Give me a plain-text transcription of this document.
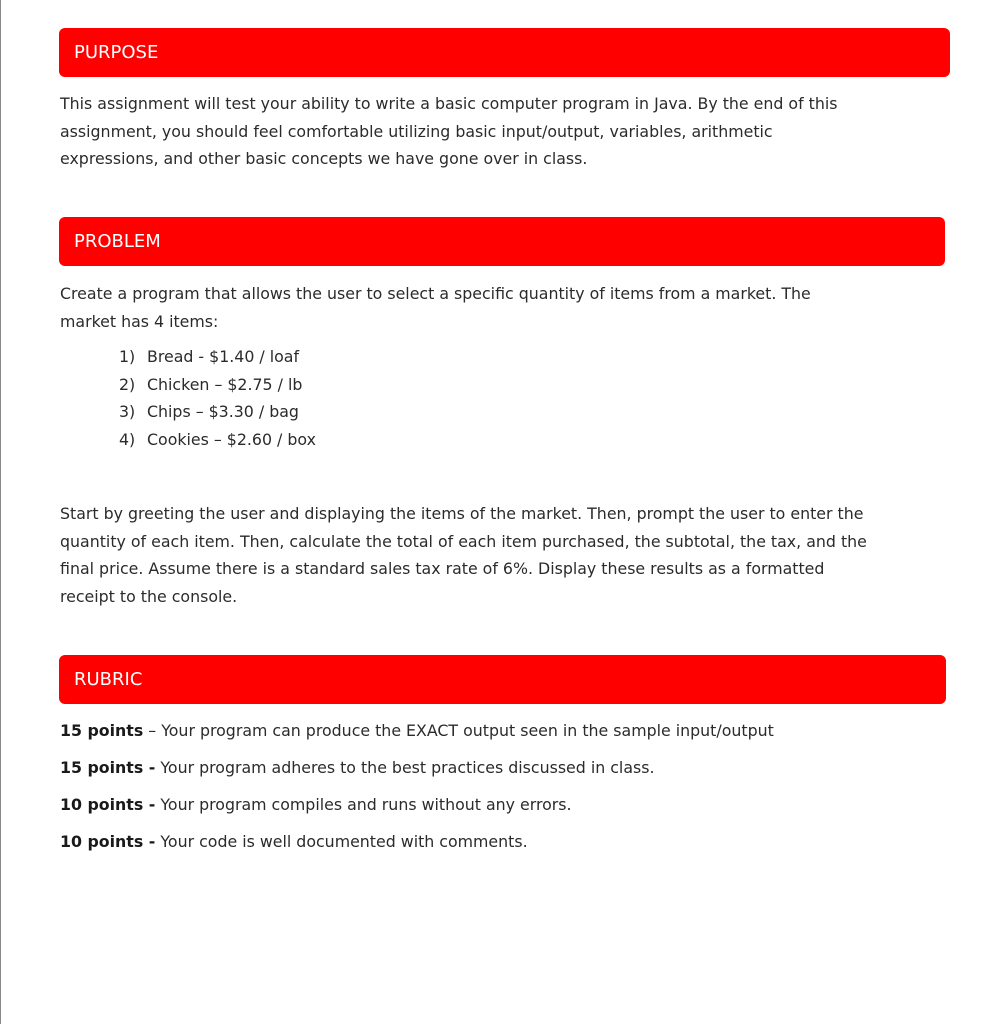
PURPOSE

This assignment will test your ability to write a basic computer program in Java. By the end of this
assignment, you should feel comfortable utilizing basic input/output, variables, arithmetic
expressions, and other basic concepts we have gone over in class.

PROBLEM

Create a program that allows the user to select a specific quantity of items from a market. The
market has 4 items:

1) Bread - $1.40 / loaf
2) Chicken – $2.75 / lb
3) Chips – $3.30 / bag
4) Cookies – $2.60 / box

Start by greeting the user and displaying the items of the market. Then, prompt the user to enter the
quantity of each item. Then, calculate the total of each item purchased, the subtotal, the tax, and the
final price. Assume there is a standard sales tax rate of 6%. Display these results as a formatted
receipt to the console.

RUBRIC
15 points – Your program can produce the EXACT output seen in the sample input/output
15 points - Your program adheres to the best practices discussed in class.
10 points - Your program compiles and runs without any errors.
10 points - Your code is well documented with comments.
